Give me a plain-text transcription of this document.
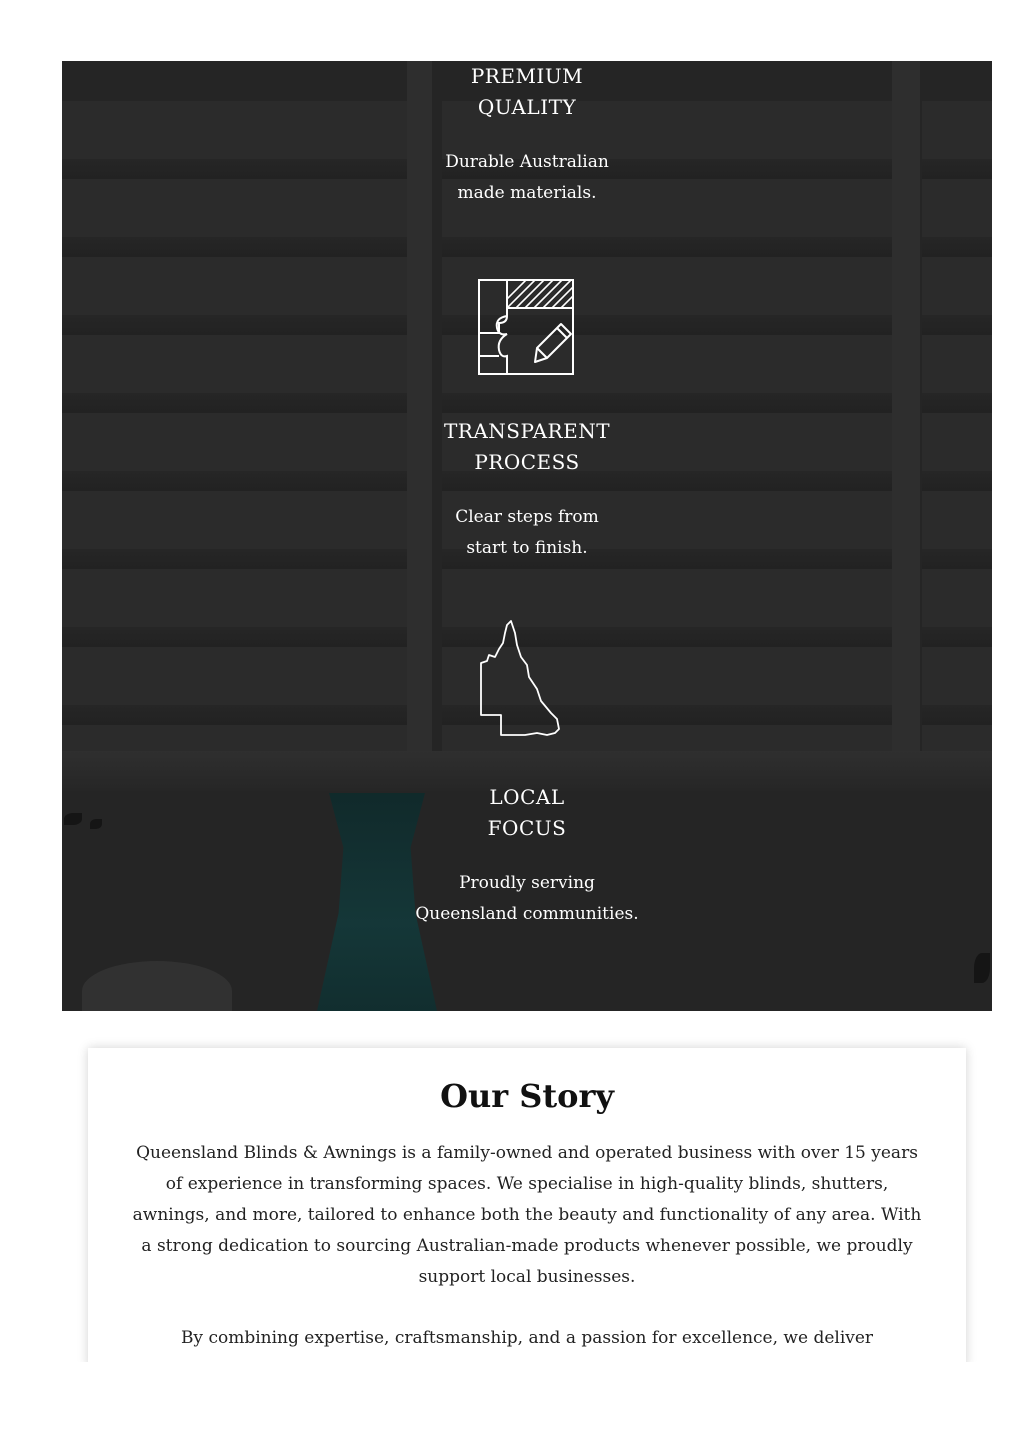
PREMIUM
QUALITY
Durable Australian
made materials.
TRANSPARENT
PROCESS
Clear steps from
start to finish.
LOCAL
FOCUS
Proudly serving
Queensland communities.
Our Story

Queensland Blinds & Awnings is a family-owned and operated business with over 15 years of experience in transforming spaces. We specialise in high-quality blinds, shutters, awnings, and more, tailored to enhance both the beauty and functionality of any area. With a strong dedication to sourcing Australian-made products whenever possible, we proudly support local businesses.

By combining expertise, craftsmanship, and a passion for excellence, we deliver
